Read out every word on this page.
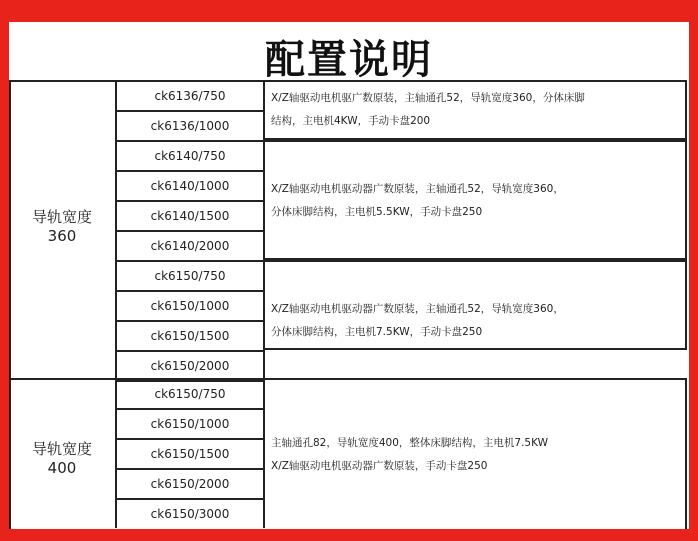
配置说明
导轨宽度
360
ck6136/750
ck6136/1000
X/Z轴驱动电机驱广数原装，主轴通孔52，导轨宽度360，分体床脚
结构，主电机4KW，手动卡盘200
ck6140/750
ck6140/1000
ck6140/1500
ck6140/2000
X/Z轴驱动电机驱动器广数原装，主轴通孔52，导轨宽度360，
分体床脚结构，主电机5.5KW，手动卡盘250
ck6150/750
ck6150/1000
ck6150/1500
ck6150/2000
X/Z轴驱动电机驱动器广数原装，主轴通孔52，导轨宽度360，
分体床脚结构，主电机7.5KW，手动卡盘250
导轨宽度
400
ck6150/750
ck6150/1000
ck6150/1500
ck6150/2000
ck6150/3000
主轴通孔82，导轨宽度400，整体床脚结构，主电机7.5KW
X/Z轴驱动电机驱动器广数原装，手动卡盘250
